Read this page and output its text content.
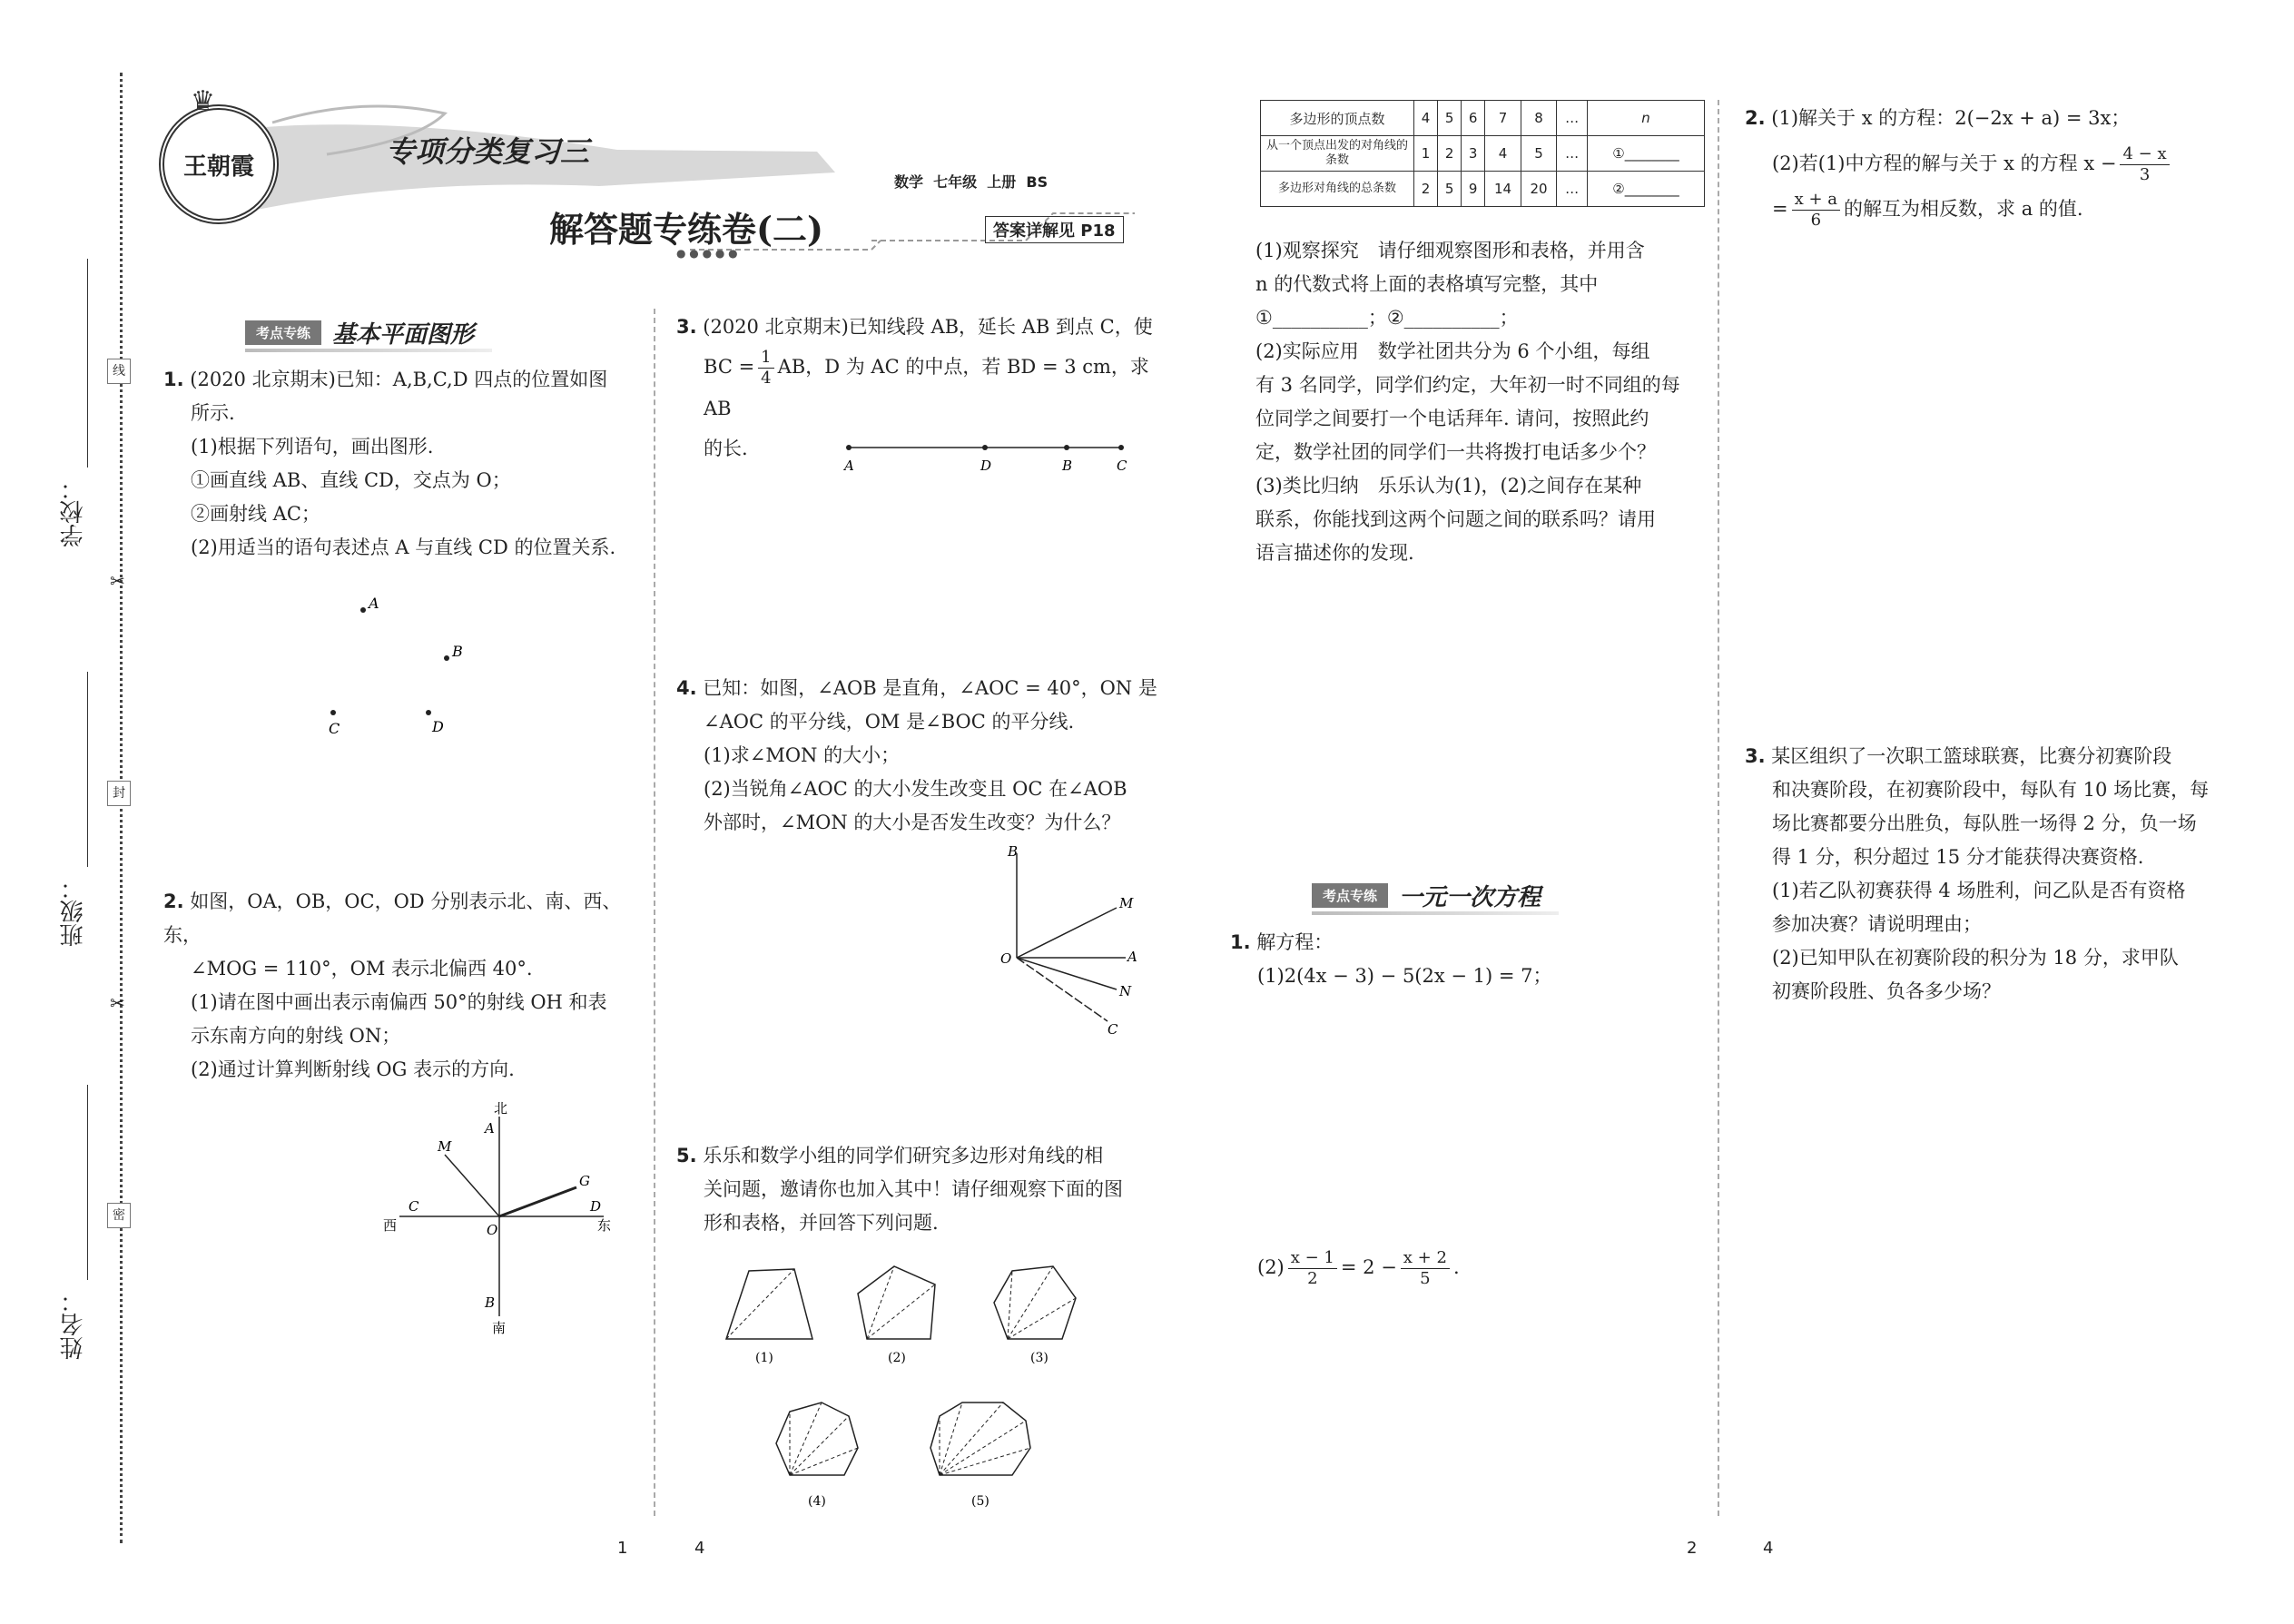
学校：
班级：
姓名：
线
封
密
✂
✂
王朝霞
♛
专项分类复习三
解答题专练卷(二)
数学  七年级  上册  BS
答案详解见 P18
● ● ● ● ●
考点专练 基本平面图形

1. (2020 北京期末)已知：A,B,C,D 四点的位置如图

所示.

(1)根据下列语句，画出图形.

①画直线 AB、直线 CD，交点为 O；

②画射线 AC；

(2)用适当的语句表述点 A 与直线 CD 的位置关系.

A
B
C	D

2. 如图，OA，OB，OC，OD 分别表示北、南、西、东，

∠MOG = 110°，OM 表示北偏西 40°.

(1)请在图中画出表示南偏西 50°的射线 OH 和表

示东南方向的射线 ON；

(2)通过计算判断射线 OG 表示的方向.

北
南
西	东
A
B
C	D
O
M
G

3. (2020 北京期末)已知线段 AB，延长 AB 到点 C，使

BC = $\frac{1}{4}$ AB，D 为 AC 的中点，若 BD = 3 cm，求 AB

的长.

A	D	B	C

4. 已知：如图，∠AOB 是直角，∠AOC = 40°，ON 是

∠AOC 的平分线，OM 是∠BOC 的平分线.

(1)求∠MON 的大小；

(2)当锐角∠AOC 的大小发生改变且 OC 在∠AOB

外部时，∠MON 的大小是否发生改变？为什么？

B
M
A
N
C
O

5. 乐乐和数学小组的同学们研究多边形对角线的相

关问题，邀请你也加入其中！请仔细观察下面的图

形和表格，并回答下列问题.

(1)	(2)	(3)
(4)	(5)
多边形的顶点数	4	5	6	7	8	…	n
从一个顶点出发的对角线的条数	1	2	3	4	5	…	①________
多边形对角线的总条数	2	5	9	14	20	…	②________

(1)观察探究　请仔细观察图形和表格，并用含

n 的代数式将上面的表格填写完整，其中

①__________；②__________；

(2)实际应用　数学社团共分为 6 个小组，每组

有 3 名同学，同学们约定，大年初一时不同组的每

位同学之间要打一个电话拜年. 请问，按照此约

定，数学社团的同学们一共将拨打电话多少个？

(3)类比归纳　乐乐认为(1)，(2)之间存在某种

联系，你能找到这两个问题之间的联系吗？请用

语言描述你的发现.

考点专练 一元一次方程

1. 解方程：

(1)2(4x − 3) − 5(2x − 1) = 7；

$(2) \frac{x - 1}{2} = 2 - \frac{x + 2}{5}$ .

2. (1)解关于 x 的方程：2(−2x + a) = 3x；

(2)若(1)中方程的解与关于 x 的方程 $x - \frac{4 - x}{3}$

= $\frac{x + a}{6}$ 的解互为相反数，求 a 的值.

3. 某区组织了一次职工篮球联赛，比赛分初赛阶段

和决赛阶段，在初赛阶段中，每队有 10 场比赛，每

场比赛都要分出胜负，每队胜一场得 2 分，负一场

得 1 分，积分超过 15 分才能获得决赛资格.

(1)若乙队初赛获得 4 场胜利，问乙队是否有资格

参加决赛？请说明理由；

(2)已知甲队在初赛阶段的积分为 18 分，求甲队

初赛阶段胜、负各多少场？

1	4	2	4
